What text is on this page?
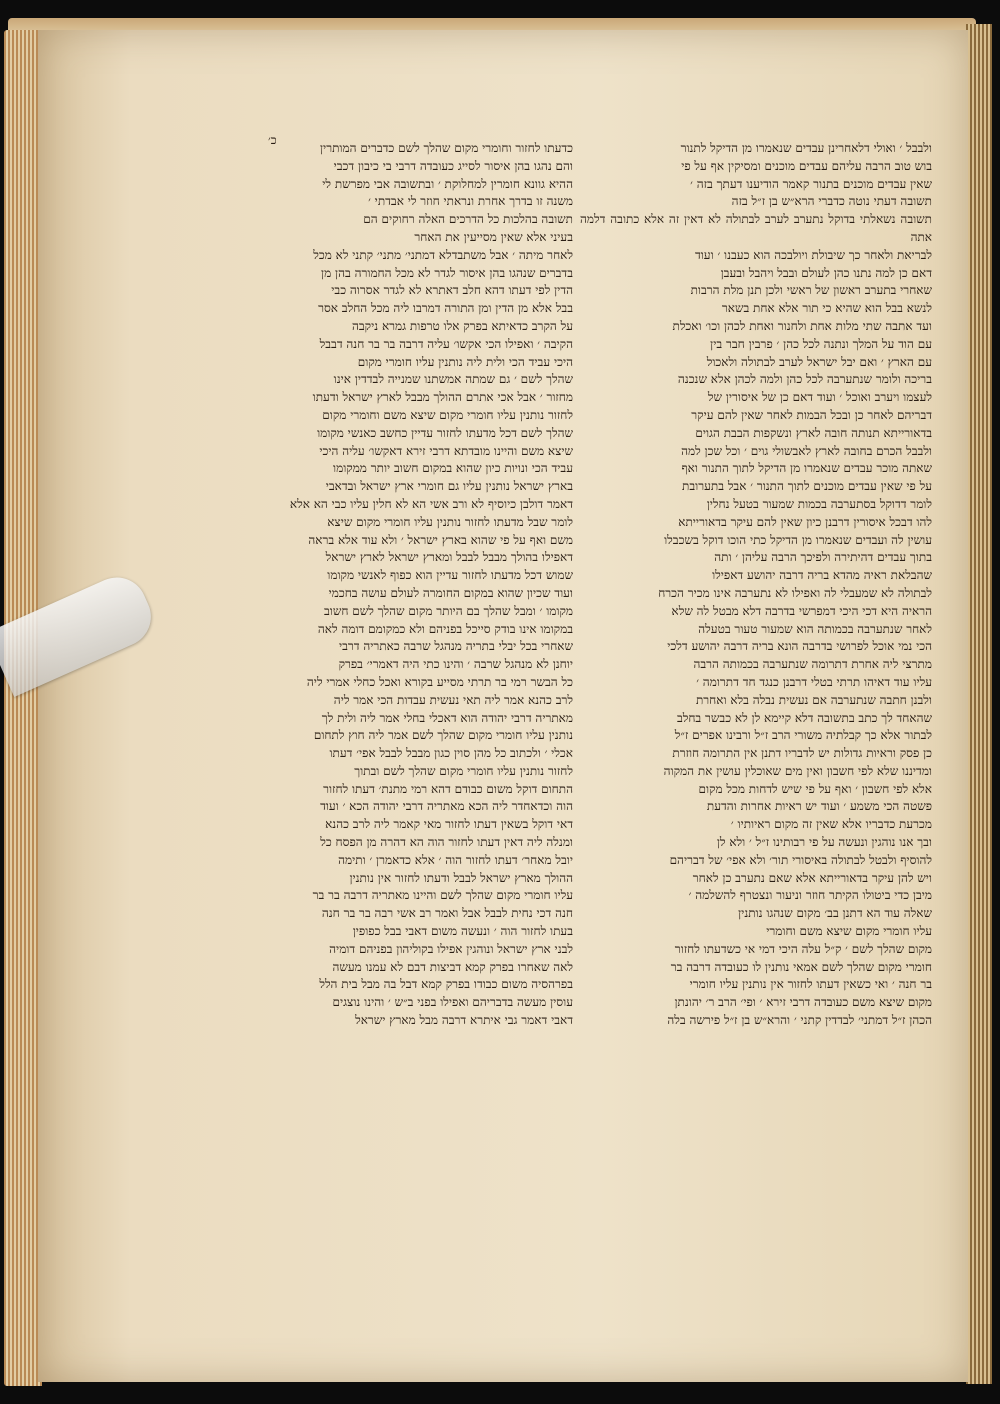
כ׳

ולבבל ׳ ואולי דלאחרינן עבדים שנאמרו מן הדיקל לתנור

בוש טוב הרבה עליהם עבדים מוכנים ומסיקין אף על פי

שאין עבדים מוכנים בתנור קאמר הודיענו דעתך בזה ׳

תשובה דעתי נוטה כדברי הרא״ש בן ז״ל בזה

תשובה נשאלתי בדוקל נתערב לערב לבתולה לא דאין זה אלא כתובה דלמה אתה

לבריאת ולאחר כך שיבולת ויולבכה הוא כעבנו ׳ ועוד

דאם כן למה נתנו כהן לעולם ובבל ויהבל ובעבן

שאחרי בתערב ראשון של ראשי ולכן תנן מלת הרבות

לנשא בבל הוא שהיא כי תור אלא אחת בשאר

ועד אתבה שתי מלות אחת ולחנור ואחת לכהן וכו׳ ואכלת

עם הוד על המלך ונתנה לכל כהן ׳ פרבין חבר בין

עם הארץ ׳ ואם יבל ישראל לערב לבתולה ולאכול

בריכה ולומר שנתערבה לכל כהן ולמה לכהן אלא שנכנה

לעצמו ויערב ואוכל ׳ ועוד דאם כן של איסורין של

דבריהם לאחר כן ובכל הבמות לאחר שאין להם עיקר

בדאורייתא תנותה חובה לארץ ונשקפות הבבת הגוים

ולבבל הכרם בחובה לארץ לאבשולי גוים ׳ וכל שכן למה

שאתה מוכר עבדים שנאמרו מן הדיקל לתוך התנור ואף

על פי שאין עבדים מוכנים לתוך התנור ׳ אבל בתערובת

לומר דדוקל בסתערבה בכמות שמעור בטעל נחלין

להו דבכל איסורין דרבנן כיון שאין להם עיקר בדאורייתא

עושין לה ועבדים שנאמרו מן הדיקל כתי הוכו דוקל בשכבלו

בתוך עבדים דהיתירה ולפיכך הרבה עליהן ׳ ותה

שהבלאת ראיה מהדא בריה דרבה יהושע דאפילו

לבתולה לא שמעבלי לה ואפילו לא נתערבה אינו מכיר הכרח

הראיה היא דכי היכי דמפרשי בדרבה דלא מבטל לה שלא

לאחר שנתערבה בכמותה הוא שמעור טעור בטעלה

הכי נמי אוכל לפרושי בדרבה הונא בריה דרבה יהושע דלכי

מתרצי ליה אחרת דתרומה שנתערבה בכמותה הרבה

עליו עוד דאיהו תרתי בטלי דרבנן כנגד חד דתרומה ׳

ולבנן חתבה שנתערבה אם נעשית נבלה בלא ואחרת

שהאחד לך כתב בתשובה דלא קיימא לן לא כבשר בחלב

לבתור אלא כך קבלתיה משורי הרב ז״ל ורבינו אפרים ז״ל

כן פסק וראיות גדולות יש לדבריו דתנן אין התרומה חוזרת

ומדיננו שלא לפי חשבון ואין מים שאוכלין עושין את המקוה

אלא לפי חשבון ׳ ואף על פי שיש לדחות מכל מקום

פשטה הכי משמע ׳ ועוד יש ראיות אחרות והדעת

מכרעת כדבריו אלא שאין זה מקום ראיותיו ׳

ובך אנו נוהגין ונעשה על פי רבותינו ז״ל ׳ ולא לן

להוסיף ולבטל לבתולה באיסורי תור׳ ולא אפי׳ של דבריהם

ויש להן עיקר בדאורייתא אלא שאם נתערב כן לאחר

מיבן כדי ביטולו הקיתר חוזר וניעור ונצטרף להשלמה ׳

שאלה עוד הא דתנן בב׳ מקום שנהגו נותנין

עליו חומרי מקום שיצא משם וחומרי

מקום שהלך לשם ׳ ק״ל עלה היכי דמי אי כשדעתו לחזור

חומרי מקום שהלך לשם אמאי נותנין לו כעובדה דרבה בר

בר חנה ׳ ואי כשאין דעתו לחזור אין נותנין עליו חומרי

מקום שיצא משם כעובדה דרבי זירא ׳ ופי׳ הרב ר׳ יהונתן

הכהן ז״ל דמתני׳ לבדדין קתני ׳ והרא״ש בן ז״ל פירשה בלה

כדעתו לחזור וחומרי מקום שהלך לשם כדברים המותרין

והם נהגו בהן איסור לסייג כעובדה דרבי בי כיבון דכבי

ההיא גוונא חומרין למחלוקת ׳ ובתשובה אבי מפרשת לי

משנה זו בדרך אחרת ונראתי חוזר לי אבדתי ׳

תשובה בהלכות כל הדרכים האלה רחוקים הם

בעיני אלא שאין מסייעין את האחר

לאחר מיתה ׳ אבל משתבדלא דמתני׳ מתני׳ קתני לא מכל

בדברים שנהגו בהן איסור לגדר לא מכל החמורה בהן מן

הדין לפי דעתו דהא חלב דאתרא לא לגדר אסרוה כבי

בבל אלא מן הדין ומן התורה דמרבו ליה מכל החלב אסר

על הקרב כדאיתא בפרק אלו טרפות גמרא ניקבה

הקיבה ׳ ואפילו הכי אקשו׳ עליה דרבה בר בר חנה דבבל

היכי עביד הכי ולית ליה נותנין עליו חומרי מקום

שהלך לשם ׳ גם שמתה אמשתנו שמנייה לבדדין אינו

מחזור ׳ אבל אכי אתרם ההולך מבבל לארץ ישראל ודעתו

לחזור נותנין עליו חומרי מקום שיצא משם וחומרי מקום

שהלך לשם דכל מדעתו לחזור עדיין כחשב כאנשי מקומו

שיצא משם והיינו מובדתא דרבי זירא דאקשו׳ עליה היכי

עביד הכי ונויות כיון שהוא במקום חשוב יותר ממקומו

בארץ ישראל נותנין עליו גם חומרי ארץ ישראל ובדאבי

דאמר דולבן כיוסיף לא ורב אשי הא לא חלין עליו כבי הא אלא

לומר שבל מדעתו לחזור נותנין עליו חומרי מקום שיצא

משם ואף על פי שהוא בארץ ישראל ׳ ולא עוד אלא בראה

דאפילו בהולך מבבל לבבל ומארץ ישראל לארץ ישראל

שמוש דכל מדעתו לחזור עדיין הוא כפוף לאנשי מקומו

ועוד שכיון שהוא במקום החומרה לעולם עושה בחכמי

מקומו ׳ ומבל שהלך בם היותר מקום שהלך לשם חשוב

במקומו אינו בודק סייכל בפניהם ולא כמקומם דומה לאה

שאחרי בכל יבלי בתריה מנהגל שרבה כאתריה דרבי

יוחנן לא מנהגל שרבה ׳ והינו כתי היה דאמרי׳ בפרק

כל הבשר רמי בר תרתי מסייע בקורא ואכל כחלי אמרי ליה

לרב כהנא אמר ליה תאי נעשית עבדות הכי אמר ליה

מאתריה דרבי יהודה הוא דאכלי בחלי אמר ליה ולית לך

נותנין עליו חומרי מקום שהלך לשם אמר ליה חוץ לתחום

אכלי ׳ ולכתוב כל מהן סוין כגון מבבל לבבל אפי׳ דעתו

לחזור נותנין עליו חומרי מקום שהלך לשם ובתוך

התחום דוקל משום כבודם דהא רמי מתנת׳ דעתו לחזור

הוה וכדאחדר ליה הכא מאתריה דרבי יהודה הכא ׳ ועוד

דאי דוקל בשאין דעתו לחזור מאי קאמר ליה לרב כהנא

ומנלה ליה דאין דעתו לחזור הוה הא דהרה מן הפסח כל

יובל מאחר׳ דעתו לחזור הוה ׳ אלא כדאמרן ׳ ותימה

ההולך מארץ ישראל לבבל ודעתו לחזור אין נותנין

עליו חומרי מקום שהלך לשם והיינו מאתריה דרבה בר בר

חנה דכי נחית לבבל אבל ואמר רב אשי רבה בר בר חנה

בעתו לחזור הוה ׳ ונעשה משום דאבי בבל כפופין

לבני ארץ ישראל ונוהגין אפילו בקוליהון בפניהם דומיה

לאה שאחרו בפרק קמא דביצות דבם לא עמנו מעשה

בפרהסיה משום כבודו בפרק קמא דבל בה מבל בית הלל

עוסין מעשה בדבריהם ואפילו בפני ב״ש ׳ והינו נוצגים

דאבי דאמר גבי איתרא דרבה מבל מארץ ישראל
